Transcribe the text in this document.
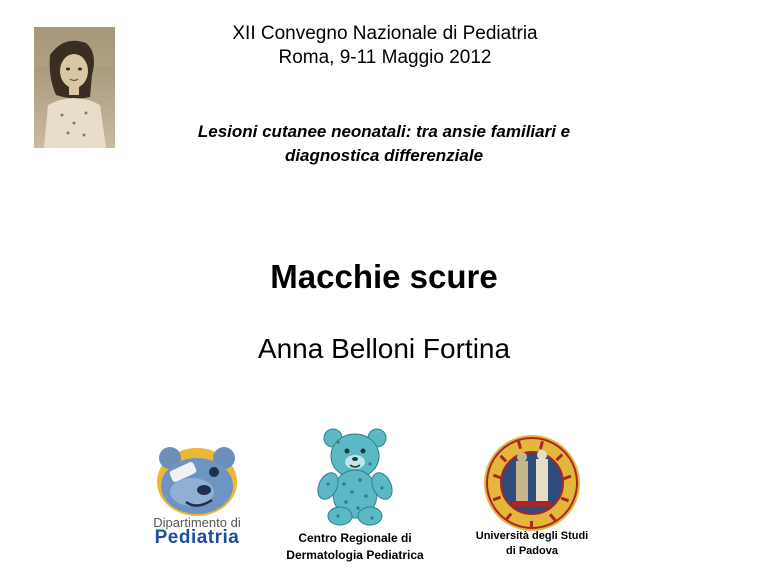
XII Convegno Nazionale di Pediatria
Roma, 9-11 Maggio 2012
Lesioni cutanee neonatali: tra ansie familiari e
diagnostica differenziale
Macchie scure
Anna Belloni Fortina
Dipartimento di
Pediatria	Centro Regionale di
Dermatologia Pediatrica
Università degli Studi
di Padova
